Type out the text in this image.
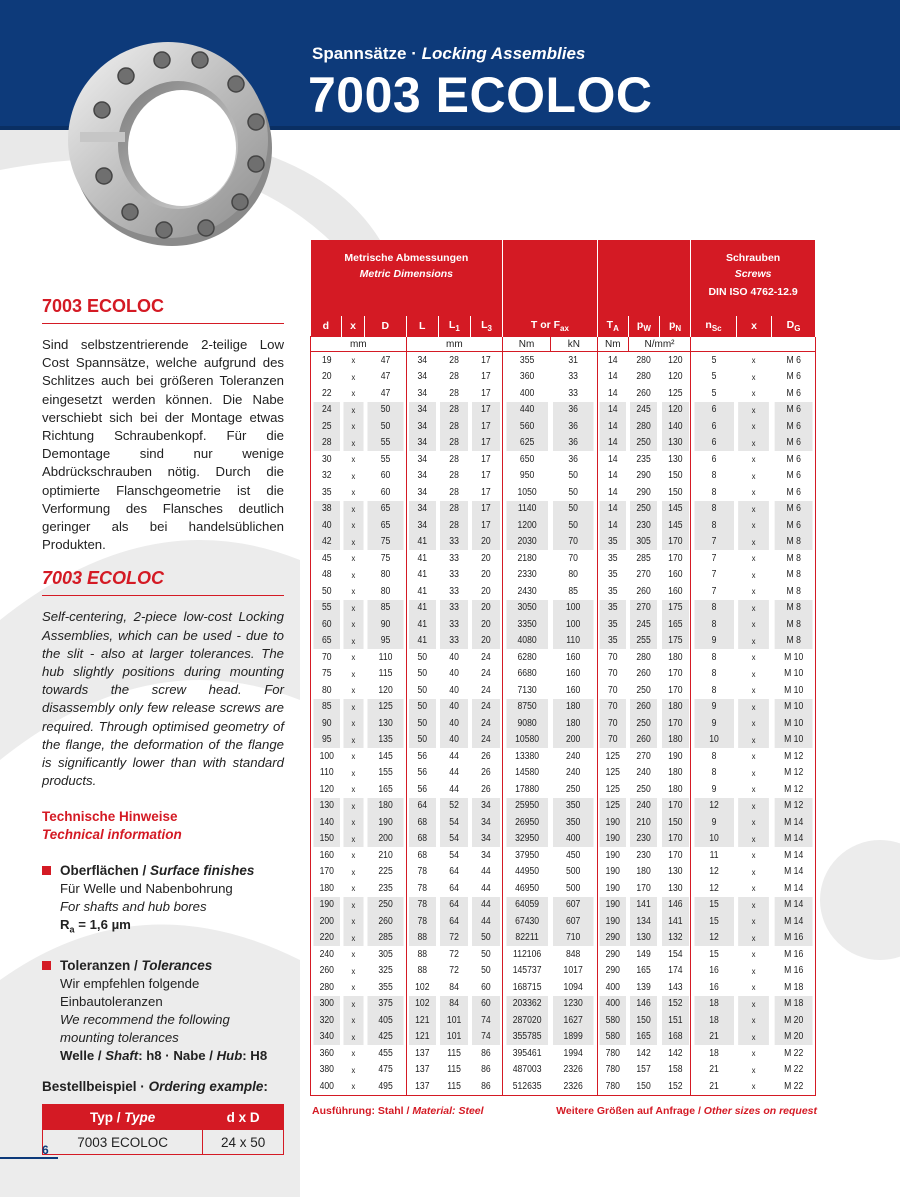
Spannsätze · Locking Assemblies
7003 ECOLOC
7003 ECOLOC
Sind selbstzentrierende 2-teilige Low Cost Spannsätze, welche aufgrund des Schlitzes auch bei größeren Toleranzen eingesetzt werden können. Die Nabe verschiebt sich bei der Montage etwas Richtung Schraubenkopf. Für die Demontage sind nur wenige Abdrückschrauben nötig. Durch die optimierte Flanschgeometrie ist die Verformung des Flansches deutlich geringer als bei handelsüblichen Produkten.
7003 ECOLOC
Self-centering, 2-piece low-cost Locking Assemblies, which can be used - due to the slit - also at larger tolerances. The hub slightly positions during mounting towards the screw head. For disassembly only few release screws are required. Through optimised geometry of the flange, the deformation of the flange is significantly lower than with standard products.
Technische Hinweise
Technical information
Oberflächen / Surface finishes
Für Welle und Nabenbohrung
For shafts and hub bores
$R_a = 1,6$ µm
Toleranzen / Tolerances
Wir empfehlen folgende
Einbautoleranzen
We recommend the following
mounting tolerances
Welle / Shaft: h8 · Nabe / Hub: H8
Bestellbeispiel · Ordering example:
Typ / Type	d x D
7003 ECOLOC	24 x 50
Metrische Abmessungen
Metric Dimensions											Schrauben
Screws
DIN ISO 4762-12.9		

d	x	D	L	$L_1$	$L_3$	T or $F_{ax}$		$T_A$	$p_W$	$p_N$	$n_{Sc}$	x	$D_G$
mm			mm			Nm	kN	Nm	N/mm²				
19	x	47	34	28	17	355	31	14	280	120	5	x	M 6
20	x	47	34	28	17	360	33	14	280	120	5	x	M 6
22	x	47	34	28	17	400	33	14	260	125	5	x	M 6
24	x	50	34	28	17	440	36	14	245	120	6	x	M 6
25	x	50	34	28	17	560	36	14	280	140	6	x	M 6
28	x	55	34	28	17	625	36	14	250	130	6	x	M 6
30	x	55	34	28	17	650	36	14	235	130	6	x	M 6
32	x	60	34	28	17	950	50	14	290	150	8	x	M 6
35	x	60	34	28	17	1050	50	14	290	150	8	x	M 6
38	x	65	34	28	17	1140	50	14	250	145	8	x	M 6
40	x	65	34	28	17	1200	50	14	230	145	8	x	M 6
42	x	75	41	33	20	2030	70	35	305	170	7	x	M 8
45	x	75	41	33	20	2180	70	35	285	170	7	x	M 8
48	x	80	41	33	20	2330	80	35	270	160	7	x	M 8
50	x	80	41	33	20	2430	85	35	260	160	7	x	M 8
55	x	85	41	33	20	3050	100	35	270	175	8	x	M 8
60	x	90	41	33	20	3350	100	35	245	165	8	x	M 8
65	x	95	41	33	20	4080	110	35	255	175	9	x	M 8
70	x	110	50	40	24	6280	160	70	280	180	8	x	M 10
75	x	115	50	40	24	6680	160	70	260	170	8	x	M 10
80	x	120	50	40	24	7130	160	70	250	170	8	x	M 10
85	x	125	50	40	24	8750	180	70	260	180	9	x	M 10
90	x	130	50	40	24	9080	180	70	250	170	9	x	M 10
95	x	135	50	40	24	10580	200	70	260	180	10	x	M 10
100	x	145	56	44	26	13380	240	125	270	190	8	x	M 12
110	x	155	56	44	26	14580	240	125	240	180	8	x	M 12
120	x	165	56	44	26	17880	250	125	250	180	9	x	M 12
130	x	180	64	52	34	25950	350	125	240	170	12	x	M 12
140	x	190	68	54	34	26950	350	190	210	150	9	x	M 14
150	x	200	68	54	34	32950	400	190	230	170	10	x	M 14
160	x	210	68	54	34	37950	450	190	230	170	11	x	M 14
170	x	225	78	64	44	44950	500	190	180	130	12	x	M 14
180	x	235	78	64	44	46950	500	190	170	130	12	x	M 14
190	x	250	78	64	44	64059	607	190	141	146	15	x	M 14
200	x	260	78	64	44	67430	607	190	134	141	15	x	M 14
220	x	285	88	72	50	82211	710	290	130	132	12	x	M 16
240	x	305	88	72	50	112106	848	290	149	154	15	x	M 16
260	x	325	88	72	50	145737	1017	290	165	174	16	x	M 16
280	x	355	102	84	60	168715	1094	400	139	143	16	x	M 18
300	x	375	102	84	60	203362	1230	400	146	152	18	x	M 18
320	x	405	121	101	74	287020	1627	580	150	151	18	x	M 20
340	x	425	121	101	74	355785	1899	580	165	168	21	x	M 20
360	x	455	137	115	86	395461	1994	780	142	142	18	x	M 22
380	x	475	137	115	86	487003	2326	780	157	158	21	x	M 22
400	x	495	137	115	86	512635	2326	780	150	152	21	x	M 22
Ausführung: Stahl / Material: Steel	Weitere Größen auf Anfrage / Other sizes on request
6
